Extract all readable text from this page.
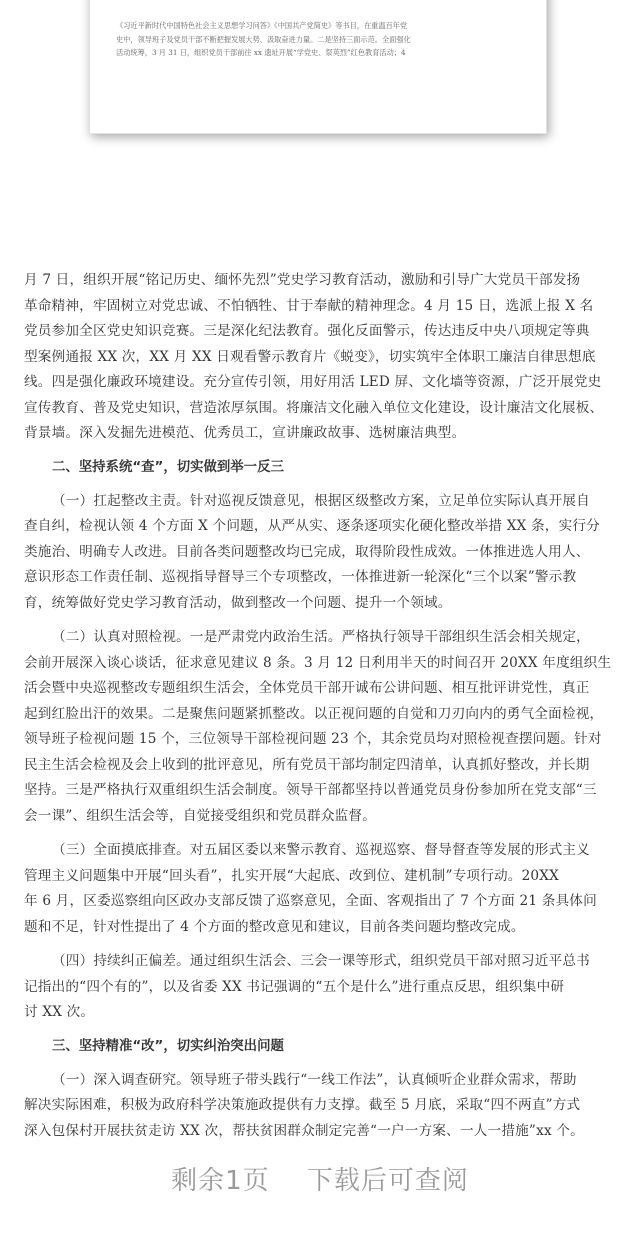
《习近平新时代中国特色社会主义思想学习问答》《中国共产党简史》等书目，在重温百年党
史中，领导班子及党员干部不断把握发展大势、汲取奋进力量。二是坚持三面示范。全面强化
活动统筹，3 月 31 日，组织党员干部前往 xx 遗址开展“学党史、祭英烈”红色教育活动；4

月 7 日，组织开展“铭记历史、缅怀先烈”党史学习教育活动，激励和引导广大党员干部发扬
革命精神，牢固树立对党忠诚、不怕牺牲、甘于奉献的精神理念。4 月 15 日，选派上报 X 名
党员参加全区党史知识竞赛。三是深化纪法教育。强化反面警示，传达违反中央八项规定等典
型案例通报 XX 次，XX 月 XX 日观看警示教育片《蜕变》，切实筑牢全体职工廉洁自律思想底
线。四是强化廉政环境建设。充分宣传引领，用好用活 LED 屏、文化墙等资源，广泛开展党史
宣传教育、普及党史知识，营造浓厚氛围。将廉洁文化融入单位文化建设，设计廉洁文化展板、
背景墙。深入发掘先进模范、优秀员工，宣讲廉政故事、选树廉洁典型。

二、坚持系统“查”，切实做到举一反三

（一）扛起整改主责。针对巡视反馈意见，根据区级整改方案，立足单位实际认真开展自
查自纠，检视认领 4 个方面 X 个问题，从严从实、逐条逐项实化硬化整改举措 XX 条，实行分
类施治、明确专人改进。目前各类问题整改均已完成，取得阶段性成效。一体推进选人用人、
意识形态工作责任制、巡视指导督导三个专项整改，一体推进新一轮深化“三个以案”警示教
育，统筹做好党史学习教育活动，做到整改一个问题、提升一个领域。

（二）认真对照检视。一是严肃党内政治生活。严格执行领导干部组织生活会相关规定，
会前开展深入谈心谈话，征求意见建议 8 条。3 月 12 日利用半天的时间召开 20XX 年度组织生
活会暨中央巡视整改专题组织生活会，全体党员干部开诚布公讲问题、相互批评讲党性，真正
起到红脸出汗的效果。二是聚焦问题紧抓整改。以正视问题的自觉和刀刃向内的勇气全面检视，
领导班子检视问题 15 个，三位领导干部检视问题 23 个，其余党员均对照检视查摆问题。针对
民主生活会检视及会上收到的批评意见，所有党员干部均制定四清单，认真抓好整改，并长期
坚持。三是严格执行双重组织生活会制度。领导干部都坚持以普通党员身份参加所在党支部“三
会一课”、组织生活会等，自觉接受组织和党员群众监督。

（三）全面摸底排查。对五届区委以来警示教育、巡视巡察、督导督查等发展的形式主义
管理主义问题集中开展“回头看”，扎实开展“大起底、改到位、建机制”专项行动。20XX
年 6 月，区委巡察组向区政办支部反馈了巡察意见，全面、客观指出了 7 个方面 21 条具体问
题和不足，针对性提出了 4 个方面的整改意见和建议，目前各类问题均整改完成。

（四）持续纠正偏差。通过组织生活会、三会一课等形式，组织党员干部对照习近平总书
记指出的“四个有的”，以及省委 XX 书记强调的“五个是什么”进行重点反思，组织集中研
讨 XX 次。

三、坚持精准“改”，切实纠治突出问题

（一）深入调查研究。领导班子带头践行“一线工作法”，认真倾听企业群众需求，帮助
解决实际困难，积极为政府科学决策施政提供有力支撑。截至 5 月底，采取“四不两直”方式
深入包保村开展扶贫走访 XX 次，帮扶贫困群众制定完善“一户一方案、一人一措施”xx 个。

剩余1页 下载后可查阅
